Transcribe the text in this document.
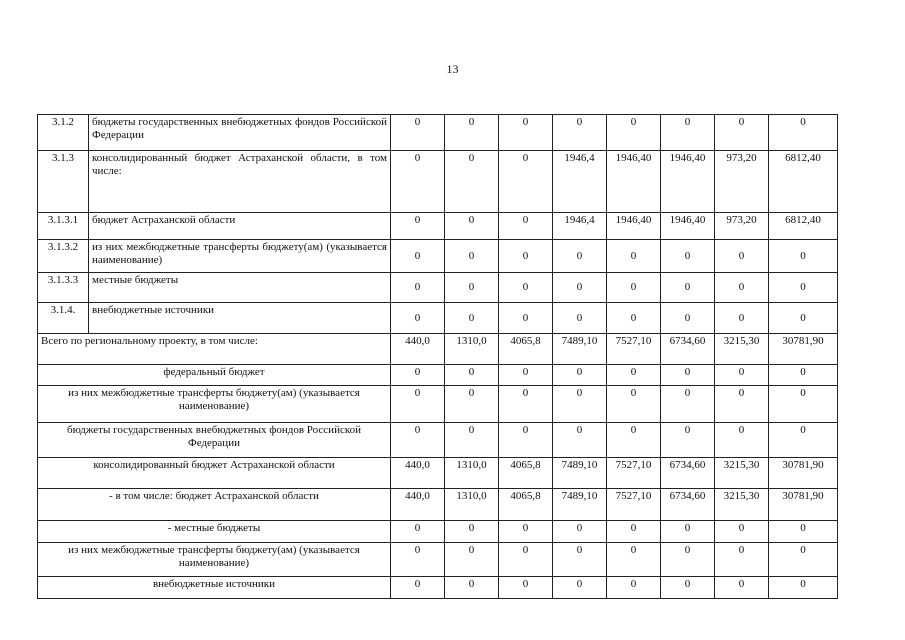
13
3.1.2	бюджеты государственных внебюджетных фондов Российской Федерации	0	0	0	0	0	0	0	0
3.1.3	консолидированный бюджет Астраханской области, в том числе:	0	0	0	1946,4	1946,40	1946,40	973,20	6812,40
3.1.3.1	бюджет Астраханской области	0	0	0	1946,4	1946,40	1946,40	973,20	6812,40
3.1.3.2	из них межбюджетные трансферты бюджету(ам) (указывается наименование)	0	0	0	0	0	0	0	0
3.1.3.3	местные бюджеты	0	0	0	0	0	0	0	0
3.1.4.	внебюджетные источники	0	0	0	0	0	0	0	0
Всего по региональному проекту, в том числе:		440,0	1310,0	4065,8	7489,10	7527,10	6734,60	3215,30	30781,90
федеральный бюджет		0	0	0	0	0	0	0	0
из них межбюджетные трансферты бюджету(ам) (указывается наименование)		0	0	0	0	0	0	0	0
бюджеты государственных внебюджетных фондов Российской Федерации		0	0	0	0	0	0	0	0
консолидированный бюджет Астраханской области		440,0	1310,0	4065,8	7489,10	7527,10	6734,60	3215,30	30781,90
- в том числе: бюджет Астраханской области		440,0	1310,0	4065,8	7489,10	7527,10	6734,60	3215,30	30781,90
- местные бюджеты		0	0	0	0	0	0	0	0
из них межбюджетные трансферты бюджету(ам) (указывается наименование)		0	0	0	0	0	0	0	0
внебюджетные источники		0	0	0	0	0	0	0	0
